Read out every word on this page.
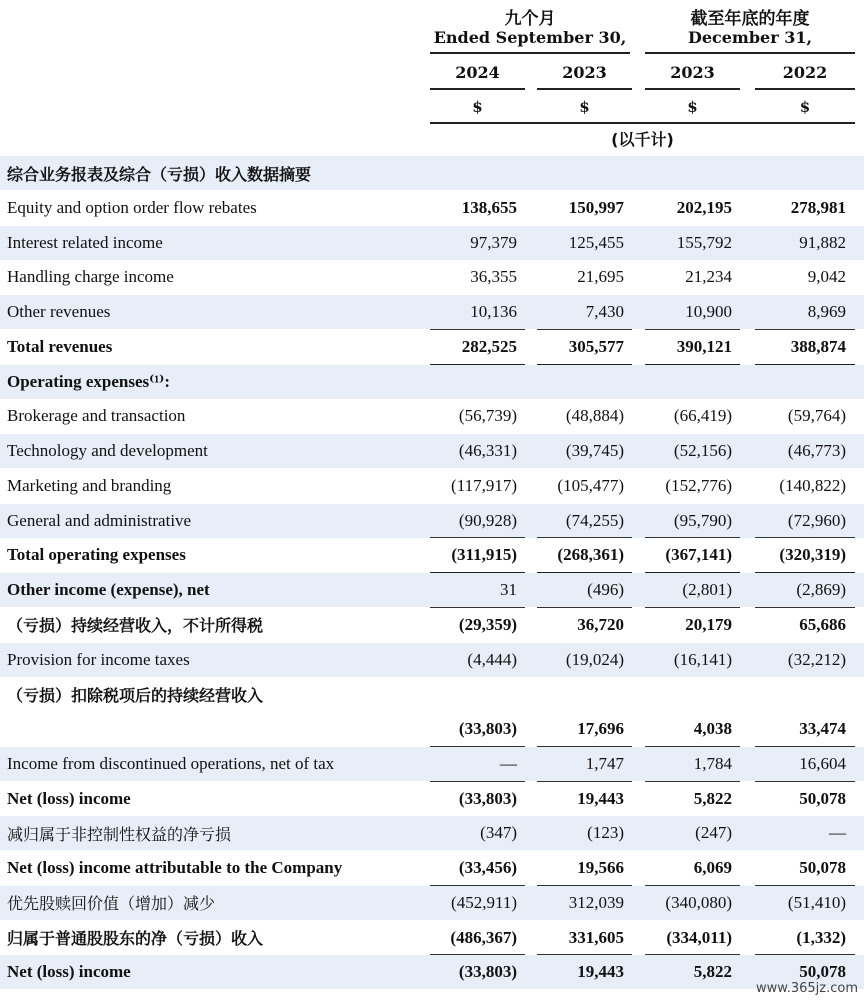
九个月
Ended September 30,
截至年底的年度
December 31,
2024	2023	2023	2022
$	$	$	$
(以千计)
综合业务报表及综合（亏损）收入数据摘要
Equity and option order flow rebates	138,655	150,997	202,195	278,981
Interest related income	97,379	125,455	155,792	91,882
Handling charge income	36,355	21,695	21,234	9,042
Other revenues	10,136	7,430	10,900	8,969
Total revenues	282,525	305,577	390,121	388,874
Operating expenses⁽¹⁾:
Brokerage and transaction	(56,739)	(48,884)	(66,419)	(59,764)
Technology and development	(46,331)	(39,745)	(52,156)	(46,773)
Marketing and branding	(117,917)	(105,477)	(152,776)	(140,822)
General and administrative	(90,928)	(74,255)	(95,790)	(72,960)
Total operating expenses	(311,915)	(268,361)	(367,141)	(320,319)
Other income (expense), net	31	(496)	(2,801)	(2,869)
（亏损）持续经营收入，不计所得税	(29,359)	36,720	20,179	65,686
Provision for income taxes	(4,444)	(19,024)	(16,141)	(32,212)
（亏损）扣除税项后的持续经营收入
(33,803)	17,696	4,038	33,474
Income from discontinued operations, net of tax	—	1,747	1,784	16,604
Net (loss) income	(33,803)	19,443	5,822	50,078
减归属于非控制性权益的净亏损	(347)	(123)	(247)	—
Net (loss) income attributable to the Company	(33,456)	19,566	6,069	50,078
优先股赎回价值（增加）减少	(452,911)	312,039	(340,080)	(51,410)
归属于普通股股东的净（亏损）收入	(486,367)	331,605	(334,011)	(1,332)
Net (loss) income	(33,803)	19,443	5,822	50,078
www.365jz.com
